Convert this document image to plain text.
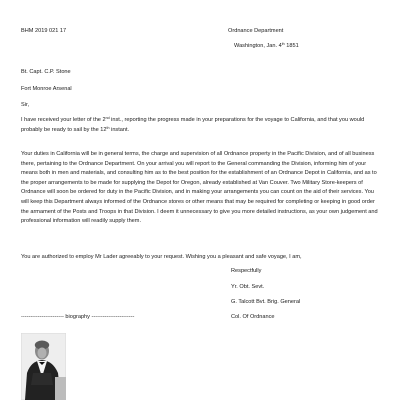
BHM 2019 021 17	Ordnance Department
Washington, Jan. 4th 1851
Bt. Capt. C.P. Stone
Fort Monroe Arsenal
Sir,
I have received your letter of the 2nd inst., reporting the progress made in your preparations for the voyage to California, and that you would probably be ready to sail by the 12th instant.
Your duties in California will be in general terms, the charge and supervision of all Ordnance property in the Pacific Division, and of all business there, pertaining to the Ordnance Department. On your arrival you will report to the General commanding the Division, informing him of your means both in men and materials, and consulting him as to the best position for the establishment of an Ordnance Depot in California, and as to the proper arrangements to be made for supplying the Depot for Oregon, already established at Van Couver. Two Military Store-keepers of Ordnance will soon be ordered for duty in the Pacific Division, and in making your arrangements you can count on the aid of their services. You will keep this Department always informed of the Ordnance stores or other means that may be required for completing or keeping in good order the armament of the Posts and Troops in that Division. I deem it unnecessary to give you more detailed instructions, as your own judgement and professional information will readily supply them.
You are authorized to employ Mr Lader agreeably to your request. Wishing you a pleasant and safe voyage, I am,
Respectfully
Yr. Obt. Sevt.
G. Talcott Bvt. Brig. General
Col. Of Ordnance
----------------------- biography -----------------------
